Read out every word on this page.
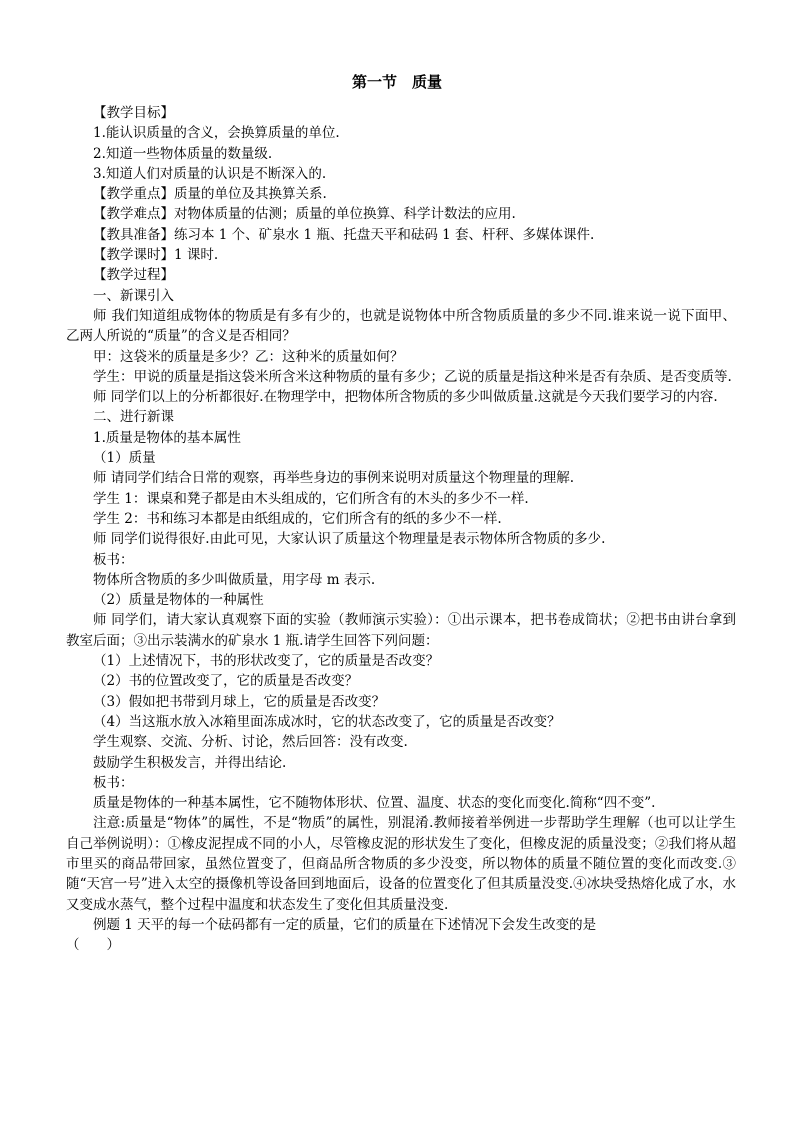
第一节　质量

【教学目标】

1.能认识质量的含义，会换算质量的单位.

2.知道一些物体质量的数量级.

3.知道人们对质量的认识是不断深入的.

【教学重点】质量的单位及其换算关系.

【教学难点】对物体质量的估测；质量的单位换算、科学计数法的应用.

【教具准备】练习本 1 个、矿泉水 1 瓶、托盘天平和砝码 1 套、杆秤、多媒体课件.

【教学课时】1 课时.

【教学过程】

一、新课引入

师 我们知道组成物体的物质是有多有少的，也就是说物体中所含物质质量的多少不同.谁来说一说下面甲、乙两人所说的“质量”的含义是否相同？

甲：这袋米的质量是多少？乙：这种米的质量如何？

学生：甲说的质量是指这袋米所含米这种物质的量有多少；乙说的质量是指这种米是否有杂质、是否变质等.

师 同学们以上的分析都很好.在物理学中，把物体所含物质的多少叫做质量.这就是今天我们要学习的内容.

二、进行新课

1.质量是物体的基本属性

（1）质量

师 请同学们结合日常的观察，再举些身边的事例来说明对质量这个物理量的理解.

学生 1：课桌和凳子都是由木头组成的，它们所含有的木头的多少不一样.

学生 2：书和练习本都是由纸组成的，它们所含有的纸的多少不一样.

师 同学们说得很好.由此可见，大家认识了质量这个物理量是表示物体所含物质的多少.

板书：

物体所含物质的多少叫做质量，用字母 m 表示.

（2）质量是物体的一种属性

师 同学们，请大家认真观察下面的实验（教师演示实验）：①出示课本，把书卷成筒状；②把书由讲台拿到教室后面；③出示装满水的矿泉水 1 瓶.请学生回答下列问题：

（1）上述情况下，书的形状改变了，它的质量是否改变？

（2）书的位置改变了，它的质量是否改变？

（3）假如把书带到月球上，它的质量是否改变？

（4）当这瓶水放入冰箱里面冻成冰时，它的状态改变了，它的质量是否改变？

学生观察、交流、分析、讨论，然后回答：没有改变.

鼓励学生积极发言，并得出结论.

板书：

质量是物体的一种基本属性，它不随物体形状、位置、温度、状态的变化而变化.简称“四不变”.

注意:质量是“物体”的属性，不是“物质”的属性，别混淆.教师接着举例进一步帮助学生理解（也可以让学生自己举例说明）：①橡皮泥捏成不同的小人，尽管橡皮泥的形状发生了变化，但橡皮泥的质量没变；②我们将从超市里买的商品带回家，虽然位置变了，但商品所含物质的多少没变，所以物体的质量不随位置的变化而改变.③随“天宫一号”进入太空的摄像机等设备回到地面后，设备的位置变化了但其质量没变.④冰块受热熔化成了水，水又变成水蒸气，整个过程中温度和状态发生了变化但其质量没变.

例题 1 天平的每一个砝码都有一定的质量，它们的质量在下述情况下会发生改变的是

（　　）
